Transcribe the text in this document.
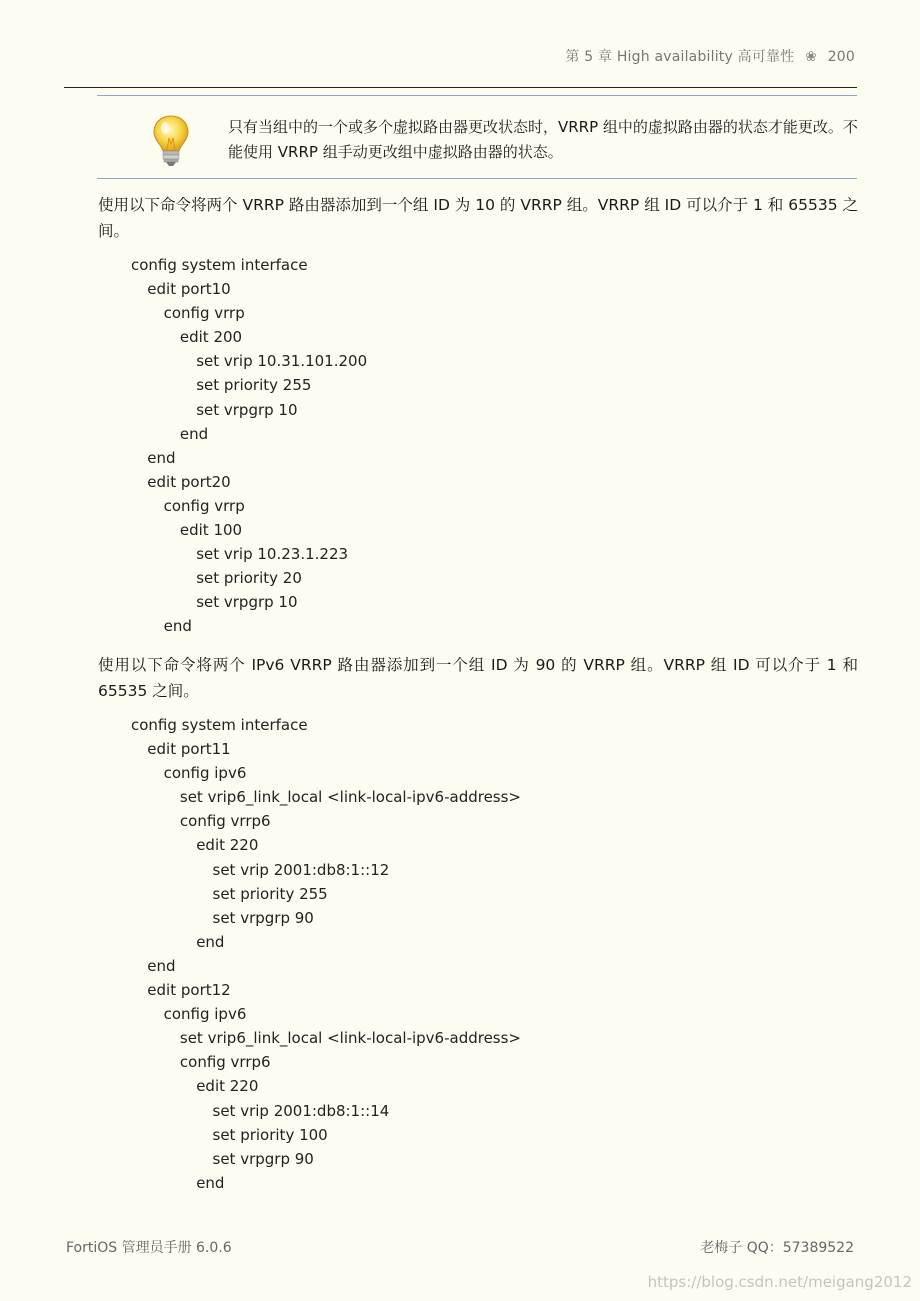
第 5 章 High availability 高可靠性 ❀ 200
只有当组中的一个或多个虚拟路由器更改状态时，VRRP 组中的虚拟路由器的状态才能更改。不能使用 VRRP 组手动更改组中虚拟路由器的状态。
使用以下命令将两个 VRRP 路由器添加到一个组 ID 为 10 的 VRRP 组。VRRP 组 ID 可以介于 1 和 65535 之间。
config system interface
edit port10
config vrrp
edit 200
set vrip 10.31.101.200
set priority 255
set vrpgrp 10
end
end
edit port20
config vrrp
edit 100
set vrip 10.23.1.223
set priority 20
set vrpgrp 10
end
使用以下命令将两个 IPv6 VRRP 路由器添加到一个组 ID 为 90 的 VRRP 组。VRRP 组 ID 可以介于 1 和 65535 之间。
config system interface
edit port11
config ipv6
set vrip6_link_local <link-local-ipv6-address>
config vrrp6
edit 220
set vrip 2001:db8:1::12
set priority 255
set vrpgrp 90
end
end
edit port12
config ipv6
set vrip6_link_local <link-local-ipv6-address>
config vrrp6
edit 220
set vrip 2001:db8:1::14
set priority 100
set vrpgrp 90
end
FortiOS 管理员手册 6.0.6	老梅子 QQ：57389522
https://blog.csdn.net/meigang2012
